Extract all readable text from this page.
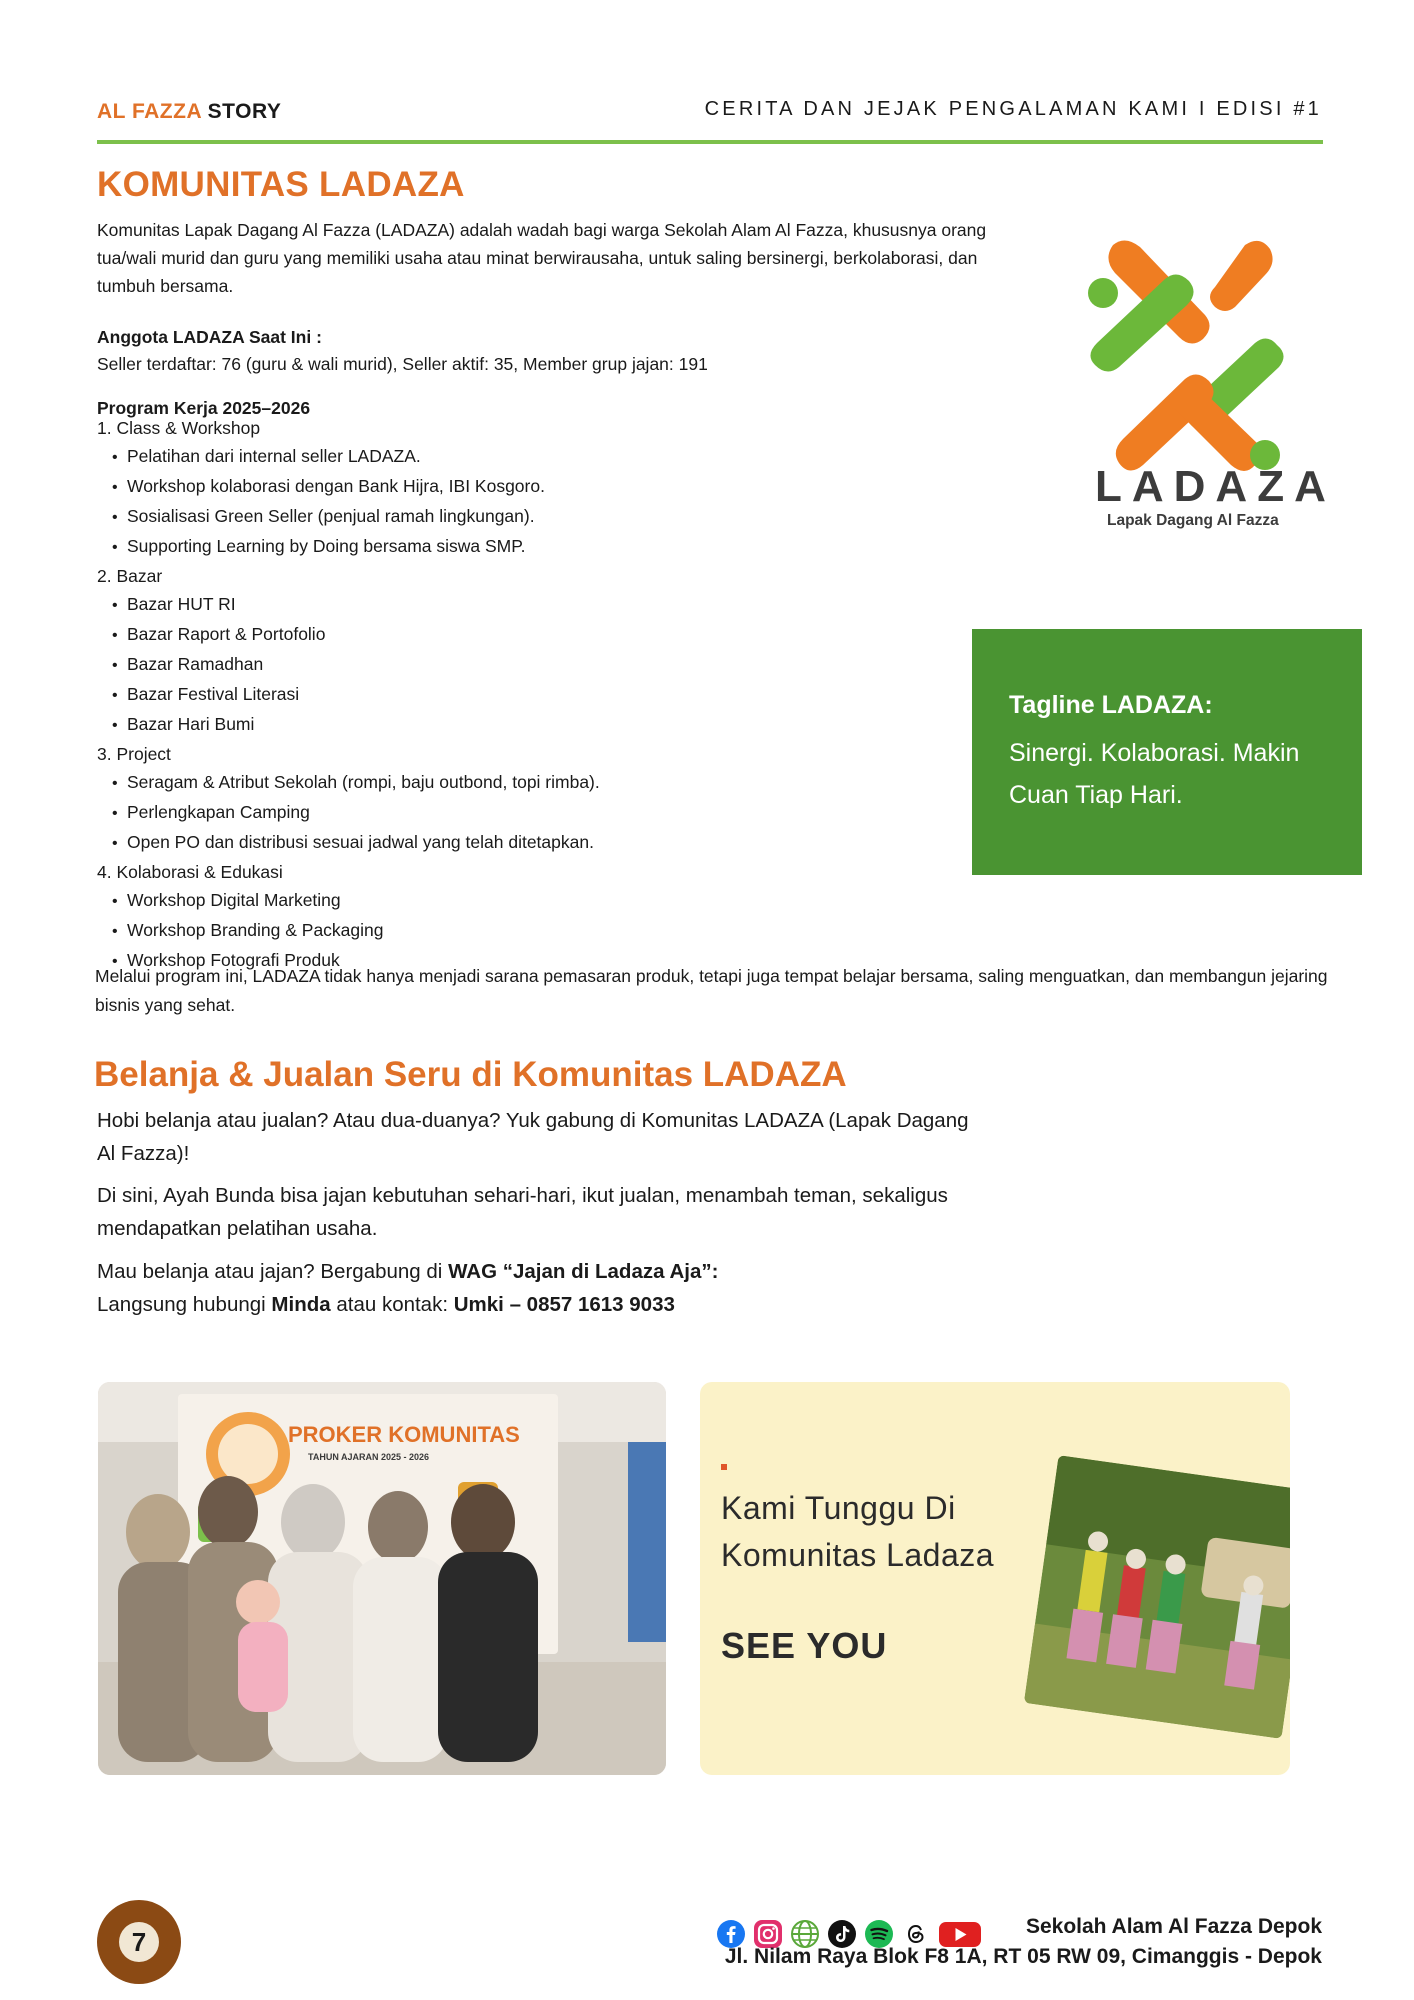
AL FAZZA STORY	CERITA DAN JEJAK PENGALAMAN KAMI I EDISI #1
KOMUNITAS LADAZA
Komunitas Lapak Dagang Al Fazza (LADAZA) adalah wadah bagi warga Sekolah Alam Al Fazza, khususnya orang tua/wali murid dan guru yang memiliki usaha atau minat berwirausaha, untuk saling bersinergi, berkolaborasi, dan tumbuh bersama.
Anggota LADAZA Saat Ini :
Seller terdaftar: 76 (guru & wali murid), Seller aktif: 35, Member grup jajan: 191
Program Kerja 2025–2026
1. Class & Workshop
• Pelatihan dari internal seller LADAZA.
• Workshop kolaborasi dengan Bank Hijra, IBI Kosgoro.
• Sosialisasi Green Seller (penjual ramah lingkungan).
• Supporting Learning by Doing bersama siswa SMP.
2. Bazar
• Bazar HUT RI
• Bazar Raport & Portofolio
• Bazar Ramadhan
• Bazar Festival Literasi
• Bazar Hari Bumi
3. Project
• Seragam & Atribut Sekolah (rompi, baju outbond, topi rimba).
• Perlengkapan Camping
• Open PO dan distribusi sesuai jadwal yang telah ditetapkan.
4. Kolaborasi & Edukasi
• Workshop Digital Marketing
• Workshop Branding & Packaging
• Workshop Fotografi Produk
Melalui program ini, LADAZA tidak hanya menjadi sarana pemasaran produk, tetapi juga tempat belajar bersama, saling menguatkan, dan membangun jejaring bisnis yang sehat.
LADAZA
Lapak Dagang Al Fazza
Tagline LADAZA:
Sinergi. Kolaborasi. Makin Cuan Tiap Hari.
Belanja & Jualan Seru di Komunitas LADAZA
Hobi belanja atau jualan? Atau dua-duanya? Yuk gabung di Komunitas LADAZA (Lapak Dagang Al Fazza)!
Di sini, Ayah Bunda bisa jajan kebutuhan sehari-hari, ikut jualan, menambah teman, sekaligus mendapatkan pelatihan usaha.
Mau belanja atau jajan? Bergabung di WAG “Jajan di Ladaza Aja”:
Langsung hubungi Minda atau kontak: Umki – 0857 1613 9033
PROKER KOMUNITAS
TAHUN AJARAN 2025 - 2026
Kami Tunggu Di
Komunitas Ladaza
SEE YOU
7
Sekolah Alam Al Fazza Depok
Jl. Nilam Raya Blok F8 1A, RT 05 RW 09, Cimanggis - Depok
